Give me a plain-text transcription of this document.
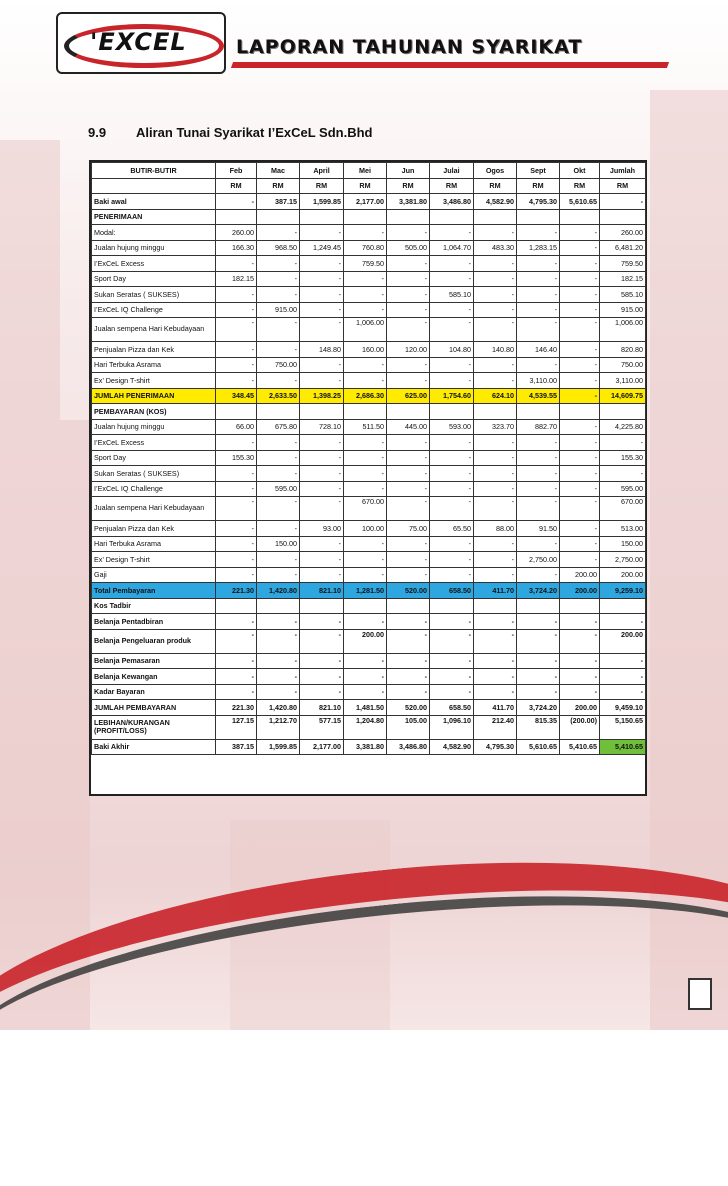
'EXCEL	LAPORAN TAHUNAN SYARIKAT
9.9 Aliran Tunai Syarikat I’ExCeL Sdn.Bhd
BUTIR-BUTIR	Feb	Mac	April	Mei	Jun	Julai	Ogos	Sept	Okt	Jumlah
	RM	RM	RM	RM	RM	RM	RM	RM	RM	RM
Baki awal	-	387.15	1,599.85	2,177.00	3,381.80	3,486.80	4,582.90	4,795.30	5,610.65	-
PENERIMAAN										
Modal:	260.00	-	-	-	-	-	-	-	-	260.00
Jualan hujung minggu	166.30	968.50	1,249.45	760.80	505.00	1,064.70	483.30	1,283.15	-	6,481.20
I’ExCeL Excess	-	-	-	759.50	-	-	-	-	-	759.50
Sport Day	182.15	-	-	-	-	-	-	-	-	182.15
Sukan Seratas ( SUKSES)	-	-	-	-	-	585.10	-	-	-	585.10
I’ExCeL IQ Challenge	-	915.00	-	-	-	-	-	-	-	915.00
Jualan sempena Hari Kebudayaan	-	-	-	1,006.00	-	-	-	-	-	1,006.00
Penjualan Pizza dan Kek	-	-	148.80	160.00	120.00	104.80	140.80	146.40	-	820.80
Hari Terbuka Asrama	-	750.00	-	-	-	-	-	-	-	750.00
Ex’ Design T-shirt	-	-	-	-	-	-	-	3,110.00	-	3,110.00
JUMLAH PENERIMAAN	348.45	2,633.50	1,398.25	2,686.30	625.00	1,754.60	624.10	4,539.55	-	14,609.75
PEMBAYARAN (KOS)										
Jualan hujung minggu	66.00	675.80	728.10	511.50	445.00	593.00	323.70	882.70	-	4,225.80
I’ExCeL Excess	-	-	-	-	-	-	-	-	-	-
Sport Day	155.30	-	-	-	-	-	-	-	-	155.30
Sukan Seratas ( SUKSES)	-	-	-	-	-	-	-	-	-	-
I’ExCeL IQ Challenge	-	595.00	-	-	-	-	-	-	-	595.00
Jualan sempena Hari Kebudayaan	-	-	-	670.00	-	-	-	-	-	670.00
Penjualan Pizza dan Kek	-	-	93.00	100.00	75.00	65.50	88.00	91.50	-	513.00
Hari Terbuka Asrama	-	150.00	-	-	-	-	-	-	-	150.00
Ex’ Design T-shirt	-	-	-	-	-	-	-	2,750.00	-	2,750.00
Gaji	-	-	-	-	-	-	-	-	200.00	200.00
Total Pembayaran	221.30	1,420.80	821.10	1,281.50	520.00	658.50	411.70	3,724.20	200.00	9,259.10
Kos Tadbir										
Belanja Pentadbiran	-	-	-	-	-	-	-	-	-	-
Belanja Pengeluaran produk	-	-	-	200.00	-	-	-	-	-	200.00
Belanja Pemasaran	-	-	-	-	-	-	-	-	-	-
Belanja Kewangan	-	-	-	-	-	-	-	-	-	-
Kadar Bayaran	-	-	-	-	-	-	-	-	-	-
JUMLAH PEMBAYARAN	221.30	1,420.80	821.10	1,481.50	520.00	658.50	411.70	3,724.20	200.00	9,459.10
LEBIHAN/KURANGAN (PROFIT/LOSS)	127.15	1,212.70	577.15	1,204.80	105.00	1,096.10	212.40	815.35	(200.00)	5,150.65
Baki Akhir	387.15	1,599.85	2,177.00	3,381.80	3,486.80	4,582.90	4,795.30	5,610.65	5,410.65	5,410.65
